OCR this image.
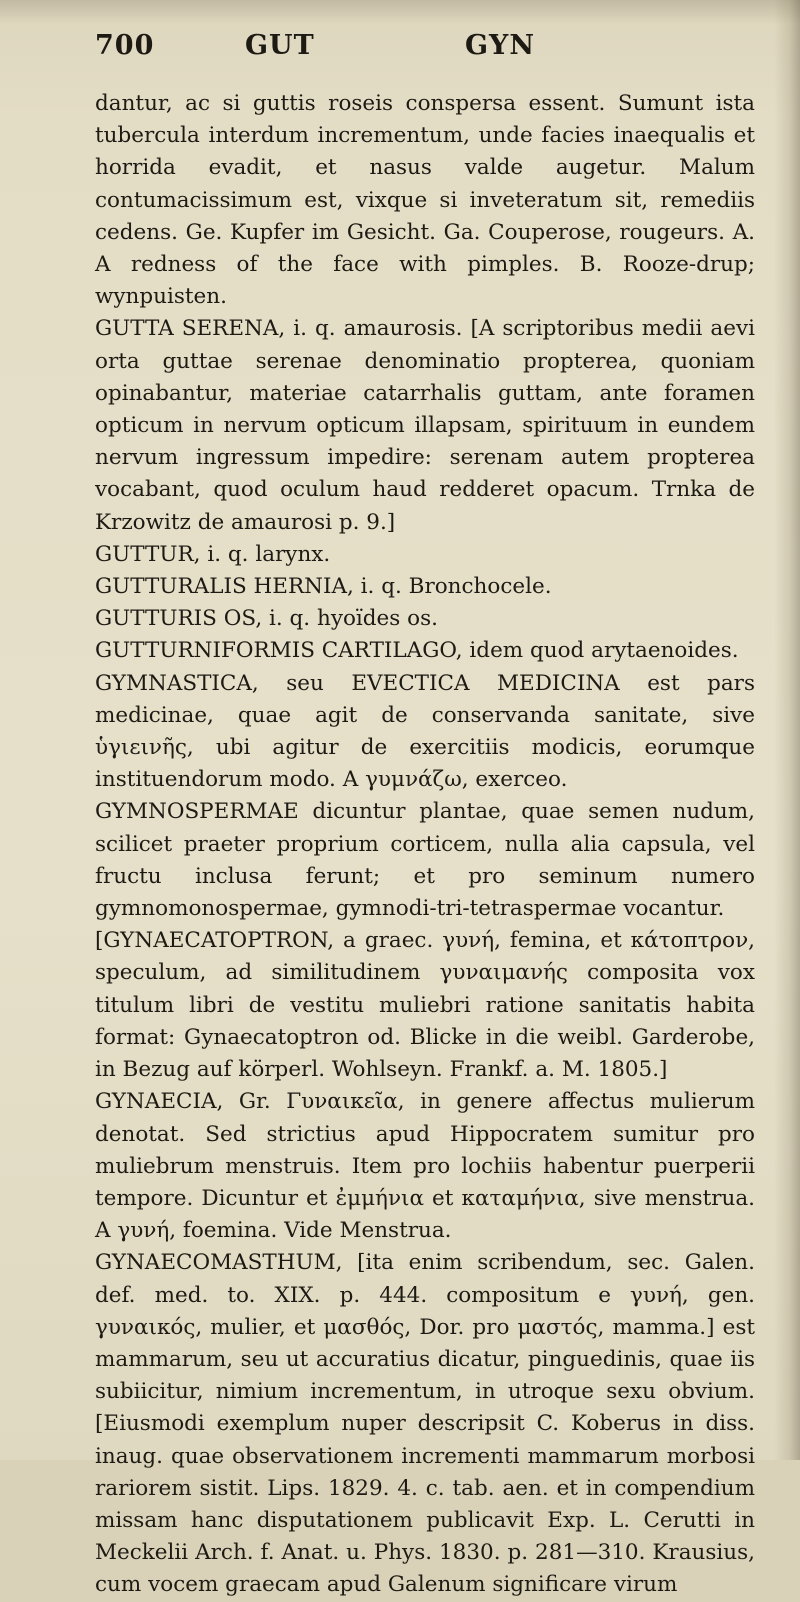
700	GUT	GYN

dantur, ac si guttis roseis conspersa essent. Sumunt ista tubercula interdum incrementum, unde facies inaequalis et horrida evadit, et nasus valde augetur. Malum contumacissimum est, vixque si inveteratum sit, remediis cedens. Ge. Kupfer im Gesicht. Ga. Couperose, rougeurs. A. A redness of the face with pimples. B. Rooze-drup; wynpuisten.

GUTTA SERENA, i. q. amaurosis. [A scriptoribus medii aevi orta guttae serenae denominatio propterea, quoniam opinabantur, materiae catarrhalis guttam, ante foramen opticum in nervum opticum illapsam, spirituum in eundem nervum ingressum impedire: serenam autem propterea vocabant, quod oculum haud redderet opacum. Trnka de Krzowitz de amaurosi p. 9.]

GUTTUR, i. q. larynx.

GUTTURALIS HERNIA, i. q. Bronchocele.

GUTTURIS OS, i. q. hyoïdes os.

GUTTURNIFORMIS CARTILAGO, idem quod arytaenoides.

GYMNASTICA, seu EVECTICA MEDICINA est pars medicinae, quae agit de conservanda sanitate, sive ὑγιεινῆς, ubi agitur de exercitiis modicis, eorumque instituendorum modo. A γυμνάζω, exerceo.

GYMNOSPERMAE dicuntur plantae, quae semen nudum, scilicet praeter proprium corticem, nulla alia capsula, vel fructu inclusa ferunt; et pro seminum numero gymnomonospermae, gymnodi-tri-tetraspermae vocantur.

[GYNAECATOPTRON, a graec. γυνή, femina, et κάτοπτρον, speculum, ad similitudinem γυναιμανής composita vox titulum libri de vestitu muliebri ratione sanitatis habita format: Gynaecatoptron od. Blicke in die weibl. Garderobe, in Bezug auf körperl. Wohlseyn. Frankf. a. M. 1805.]

GYNAECIA, Gr. Γυναικεῖα, in genere affectus mulierum denotat. Sed strictius apud Hippocratem sumitur pro muliebrum menstruis. Item pro lochiis habentur puerperii tempore. Dicuntur et ἐμμήνια et καταμήνια, sive menstrua. A γυνή, foemina. Vide Menstrua.

GYNAECOMASTHUM, [ita enim scribendum, sec. Galen. def. med. to. XIX. p. 444. compositum e γυνή, gen. γυναικός, mulier, et μασθός, Dor. pro μαστός, mamma.] est mammarum, seu ut accuratius dicatur, pinguedinis, quae iis subiicitur, nimium incrementum, in utroque sexu obvium. [Eiusmodi exemplum nuper descripsit C. Koberus in diss. inaug. quae observationem incrementi mammarum morbosi rariorem sistit. Lips. 1829. 4. c. tab. aen. et in compendium missam hanc disputationem publicavit Exp. L. Cerutti in Meckelii Arch. f. Anat. u. Phys. 1830. p. 281—310. Krausius, cum vocem graecam apud Galenum significare virum
